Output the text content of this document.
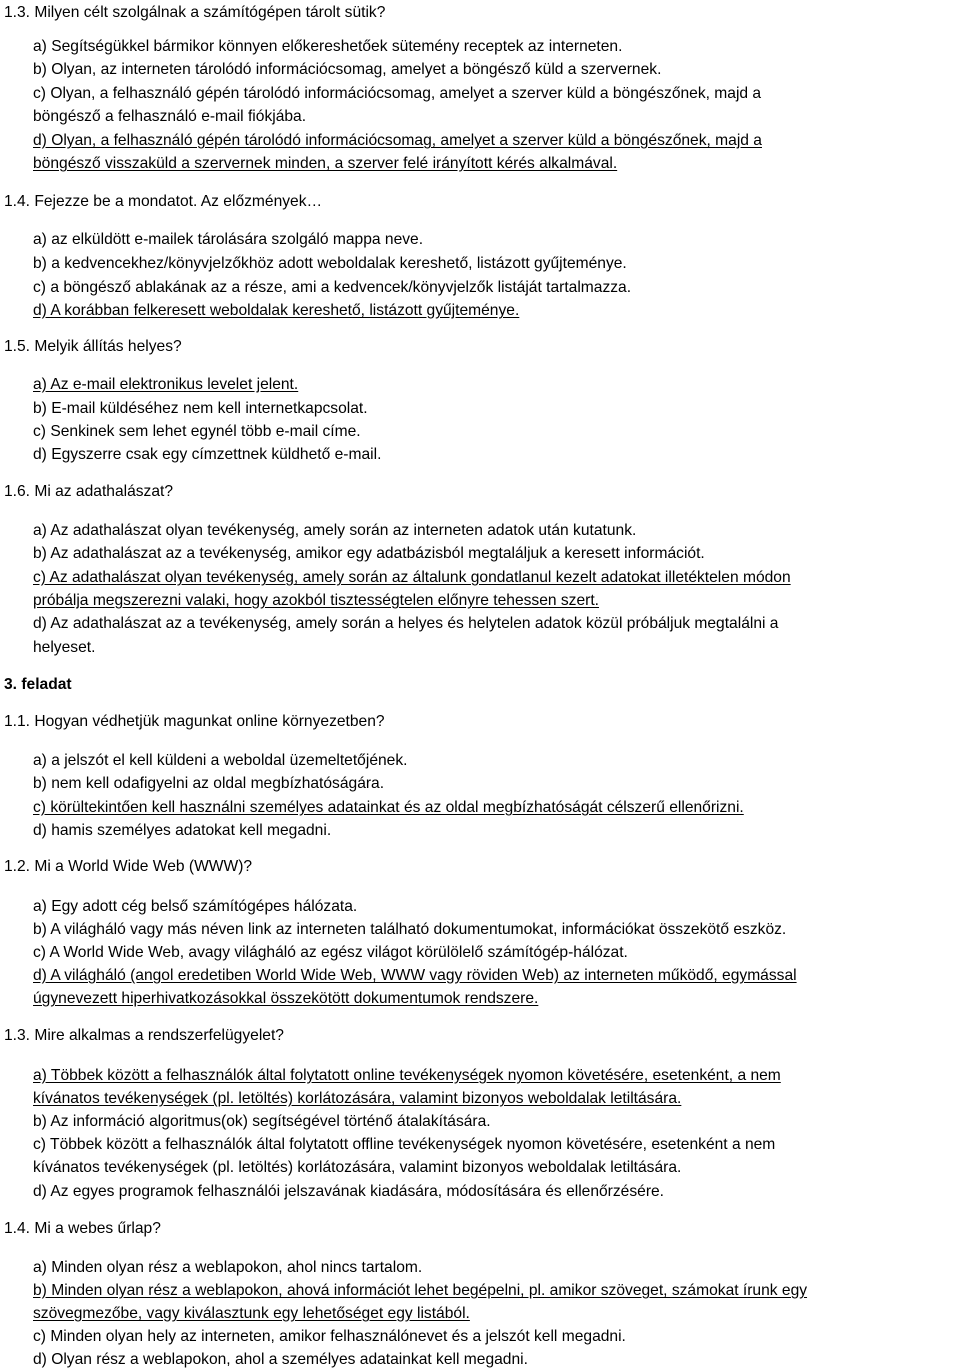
1.3. Milyen célt szolgálnak a számítógépen tárolt sütik?
a) Segítségükkel bármikor könnyen előkereshetőek sütemény receptek az interneten.
b) Olyan, az interneten tárolódó információcsomag, amelyet a böngésző küld a szervernek.
c) Olyan, a felhasználó gépén tárolódó információcsomag, amelyet a szerver küld a böngészőnek, majd a
böngésző a felhasználó e-mail fiókjába.
d) Olyan, a felhasználó gépén tárolódó információcsomag, amelyet a szerver küld a böngészőnek, majd a
böngésző visszaküld a szervernek minden, a szerver felé irányított kérés alkalmával.
1.4. Fejezze be a mondatot. Az előzmények…
a) az elküldött e-mailek tárolására szolgáló mappa neve.
b) a kedvencekhez/könyvjelzőkhöz adott weboldalak kereshető, listázott gyűjteménye.
c) a böngésző ablakának az a része, ami a kedvencek/könyvjelzők listáját tartalmazza.
d) A korábban felkeresett weboldalak kereshető, listázott gyűjteménye.
1.5. Melyik állítás helyes?
a) Az e-mail elektronikus levelet jelent.
b) E-mail küldéséhez nem kell internetkapcsolat.
c) Senkinek sem lehet egynél több e-mail címe.
d) Egyszerre csak egy címzettnek küldhető e-mail.
1.6. Mi az adathalászat?
a) Az adathalászat olyan tevékenység, amely során az interneten adatok után kutatunk.
b) Az adathalászat az a tevékenység, amikor egy adatbázisból megtaláljuk a keresett információt.
c) Az adathalászat olyan tevékenység, amely során az általunk gondatlanul kezelt adatokat illetéktelen módon
próbálja megszerezni valaki, hogy azokból tisztességtelen előnyre tehessen szert.
d) Az adathalászat az a tevékenység, amely során a helyes és helytelen adatok közül próbáljuk megtalálni a
helyeset.
3. feladat
1.1. Hogyan védhetjük magunkat online környezetben?
a) a jelszót el kell küldeni a weboldal üzemeltetőjének.
b) nem kell odafigyelni az oldal megbízhatóságára.
c) körültekintően kell használni személyes adatainkat és az oldal megbízhatóságát célszerű ellenőrizni.
d) hamis személyes adatokat kell megadni.
1.2. Mi a World Wide Web (WWW)?
a) Egy adott cég belső számítógépes hálózata.
b) A világháló vagy más néven link az interneten található dokumentumokat, információkat összekötő eszköz.
c) A World Wide Web, avagy világháló az egész világot körülölelő számítógép-hálózat.
d) A világháló (angol eredetiben World Wide Web, WWW vagy röviden Web) az interneten működő, egymással
úgynevezett hiperhivatkozásokkal összekötött dokumentumok rendszere.
1.3. Mire alkalmas a rendszerfelügyelet?
a) Többek között a felhasználók által folytatott online tevékenységek nyomon követésére, esetenként, a nem
kívánatos tevékenységek (pl. letöltés) korlátozására, valamint bizonyos weboldalak letiltására.
b) Az információ algoritmus(ok) segítségével történő átalakítására.
c) Többek között a felhasználók által folytatott offline tevékenységek nyomon követésére, esetenként a nem
kívánatos tevékenységek (pl. letöltés) korlátozására, valamint bizonyos weboldalak letiltására.
d) Az egyes programok felhasználói jelszavának kiadására, módosítására és ellenőrzésére.
1.4. Mi a webes űrlap?
a) Minden olyan rész a weblapokon, ahol nincs tartalom.
b) Minden olyan rész a weblapokon, ahová információt lehet begépelni, pl. amikor szöveget, számokat írunk egy
szövegmezőbe, vagy kiválasztunk egy lehetőséget egy listából.
c) Minden olyan hely az interneten, amikor felhasználónevet és a jelszót kell megadni.
d) Olyan rész a weblapokon, ahol a személyes adatainkat kell megadni.
